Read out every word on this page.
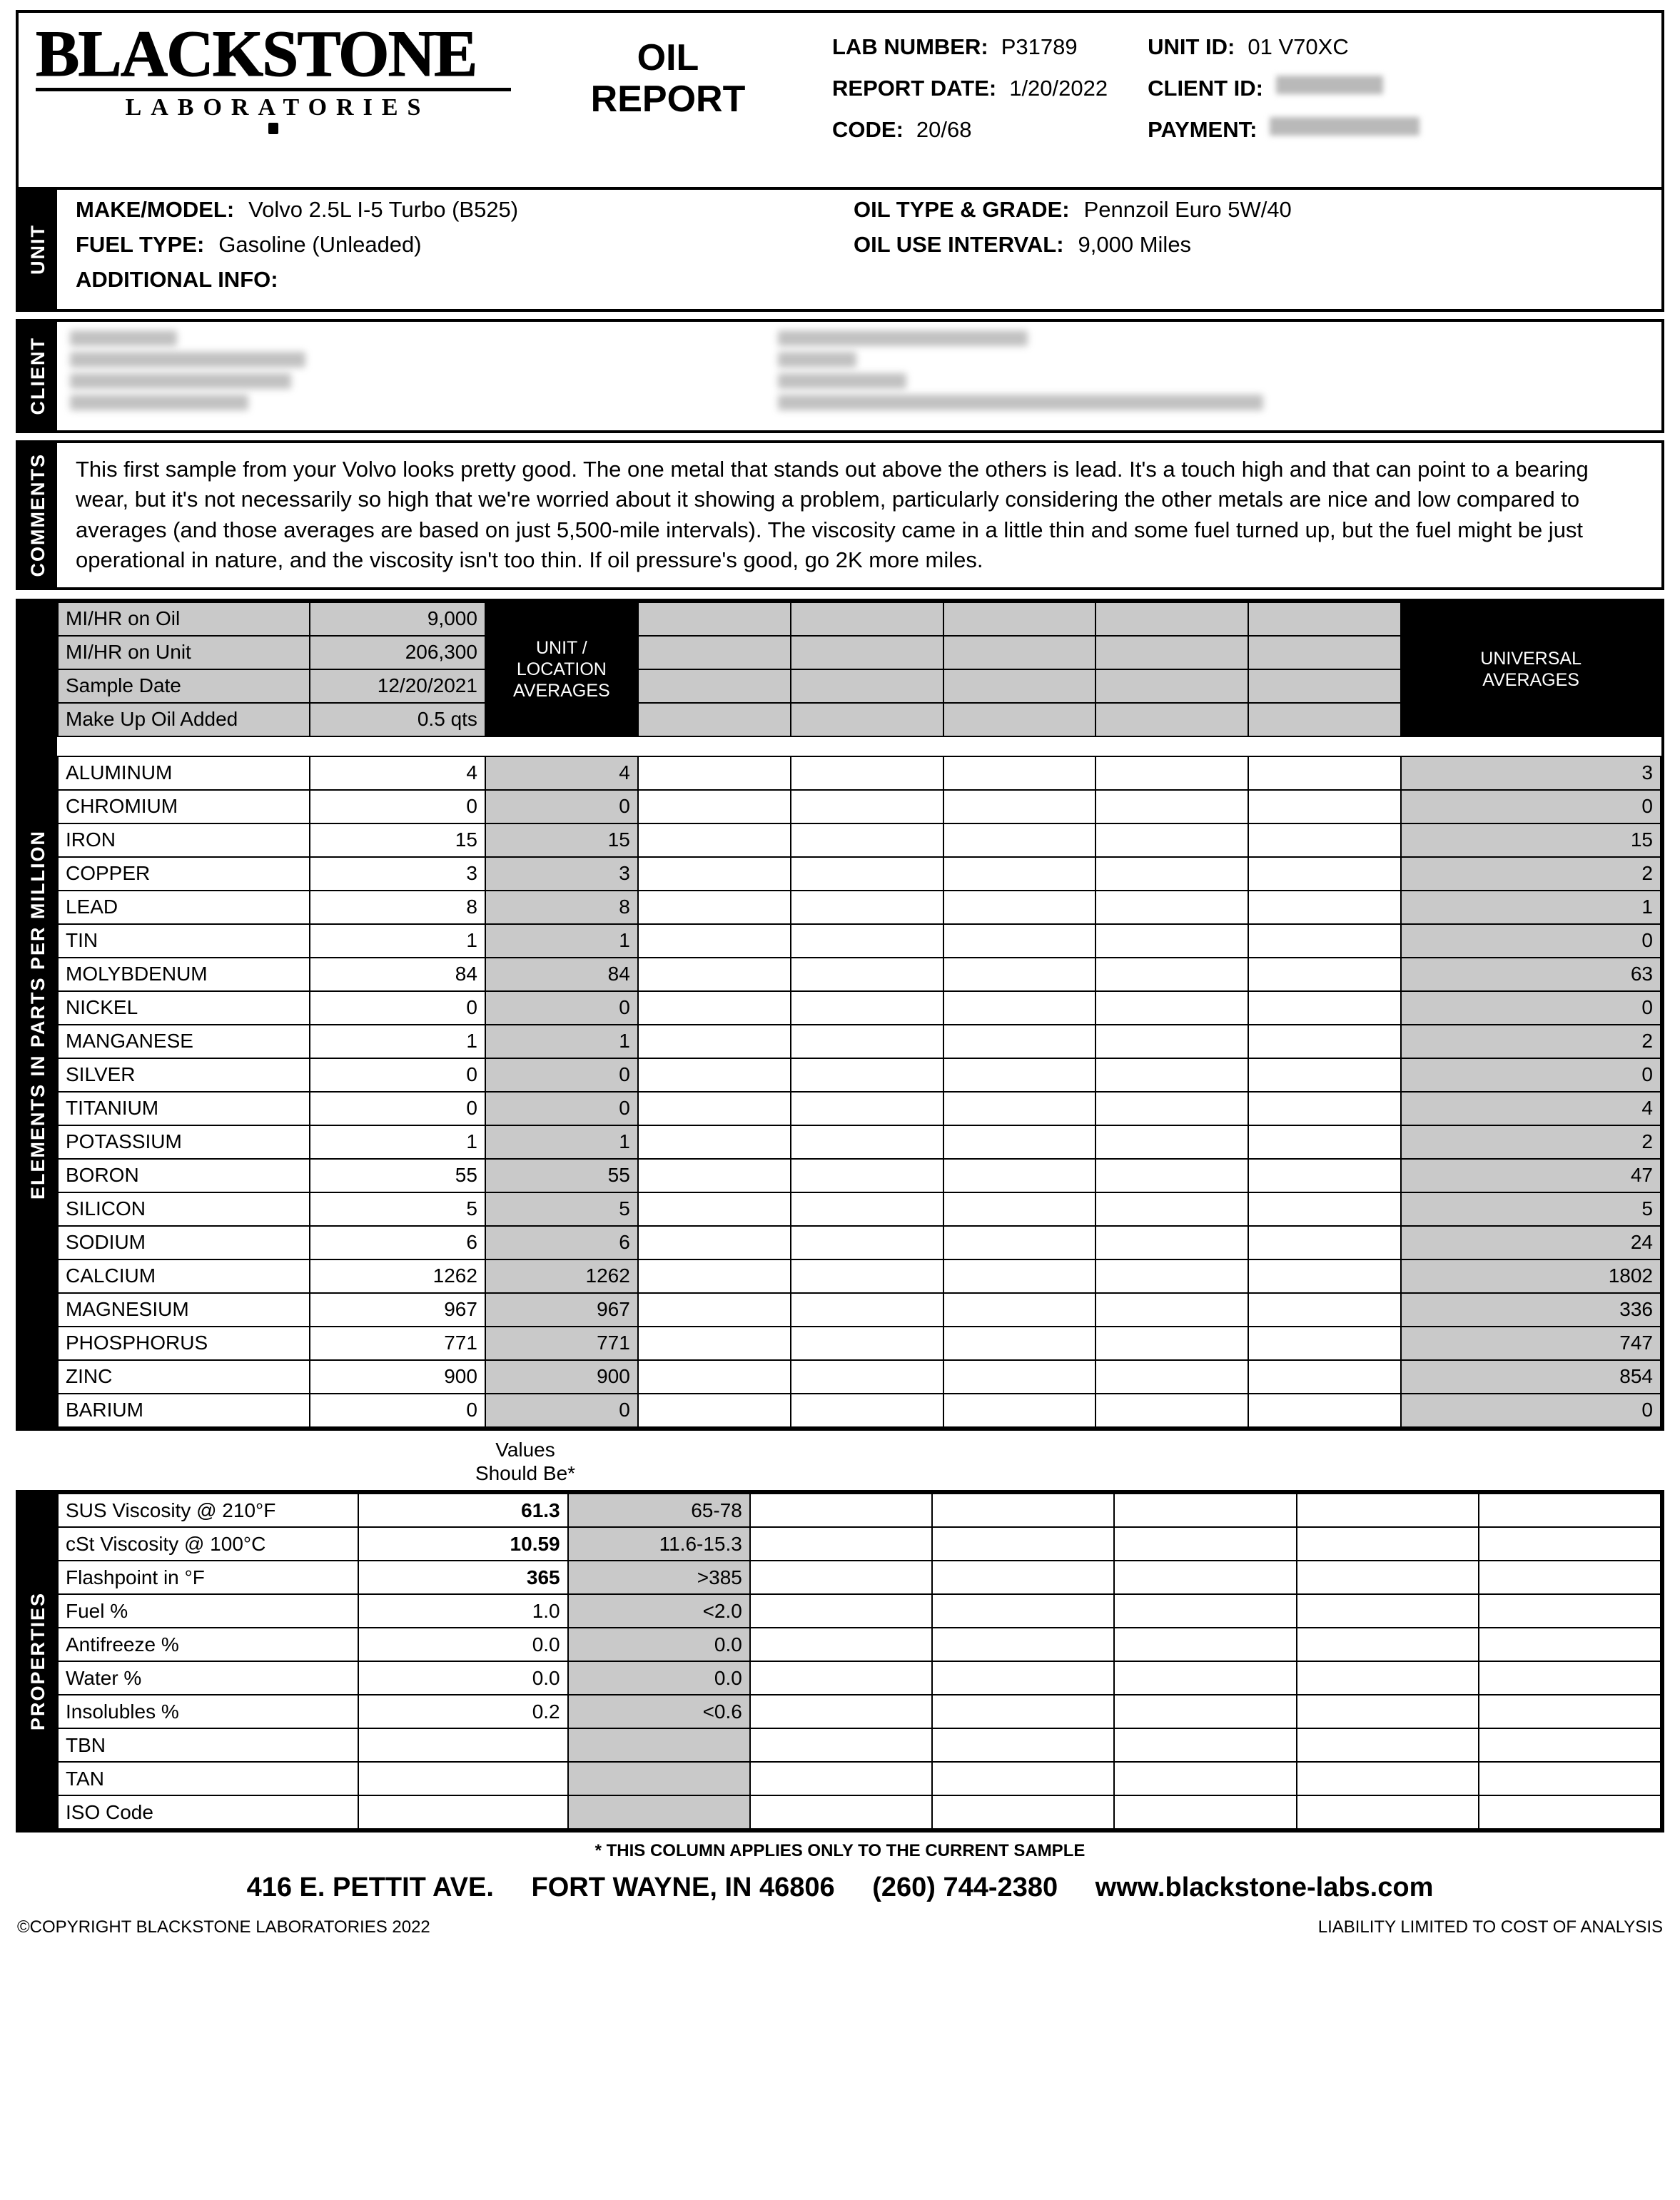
BLACKSTONE
LABORATORIES
OIL
REPORT
LAB NUMBER: P31789
REPORT DATE: 1/20/2022
CODE: 20/68
UNIT ID: 01 V70XC
CLIENT ID:

PAYMENT:

UNIT
MAKE/MODEL: Volvo 2.5L I-5 Turbo (B525)
FUEL TYPE: Gasoline (Unleaded)
ADDITIONAL INFO:
OIL TYPE & GRADE: Pennzoil Euro 5W/40
OIL USE INTERVAL: 9,000 Miles
CLIENT
COMMENTS This first sample from your Volvo looks pretty good. The one metal that stands out above the others is lead. It's a touch high and that can point to a bearing wear, but it's not necessarily so high that we're worried about it showing a problem, particularly considering the other metals are nice and low compared to averages (and those averages are based on just 5,500-mile intervals). The viscosity came in a little thin and some fuel turned up, but the fuel might be just operational in nature, and the viscosity isn't too thin. If oil pressure's good, go 2K more miles.
ELEMENTS IN PARTS PER MILLION
MI/HR on Oil	9,000	
UNIT /
LOCATION
AVERAGES

UNIVERSAL
AVERAGES

MI/HR on Unit	206,300							
Sample Date	12/20/2021							
Make Up Oil Added	0.5 qts							

ALUMINUM	4	4						3
CHROMIUM	0	0						0
IRON	15	15						15
COPPER	3	3						2
LEAD	8	8						1
TIN	1	1						0
MOLYBDENUM	84	84						63
NICKEL	0	0						0
MANGANESE	1	1						2
SILVER	0	0						0
TITANIUM	0	0						4
POTASSIUM	1	1						2
BORON	55	55						47
SILICON	5	5						5
SODIUM	6	6						24
CALCIUM	1262	1262						1802
MAGNESIUM	967	967						336
PHOSPHORUS	771	771						747
ZINC	900	900						854
BARIUM	0	0						0
Values
Should Be*
PROPERTIES
SUS Viscosity @ 210°F	61.3	65-78					
cSt Viscosity @ 100°C	10.59	11.6-15.3					
Flashpoint in °F	365	>385					
Fuel %	1.0	<2.0					
Antifreeze %	0.0	0.0					
Water %	0.0	0.0					
Insolubles %	0.2	<0.6					
TBN							
TAN							
ISO Code							
* THIS COLUMN APPLIES ONLY TO THE CURRENT SAMPLE
416 E. PETTIT AVE. FORT WAYNE, IN 46806 (260) 744-2380 www.blackstone-labs.com
©COPYRIGHT BLACKSTONE LABORATORIES 2022	LIABILITY LIMITED TO COST OF ANALYSIS
